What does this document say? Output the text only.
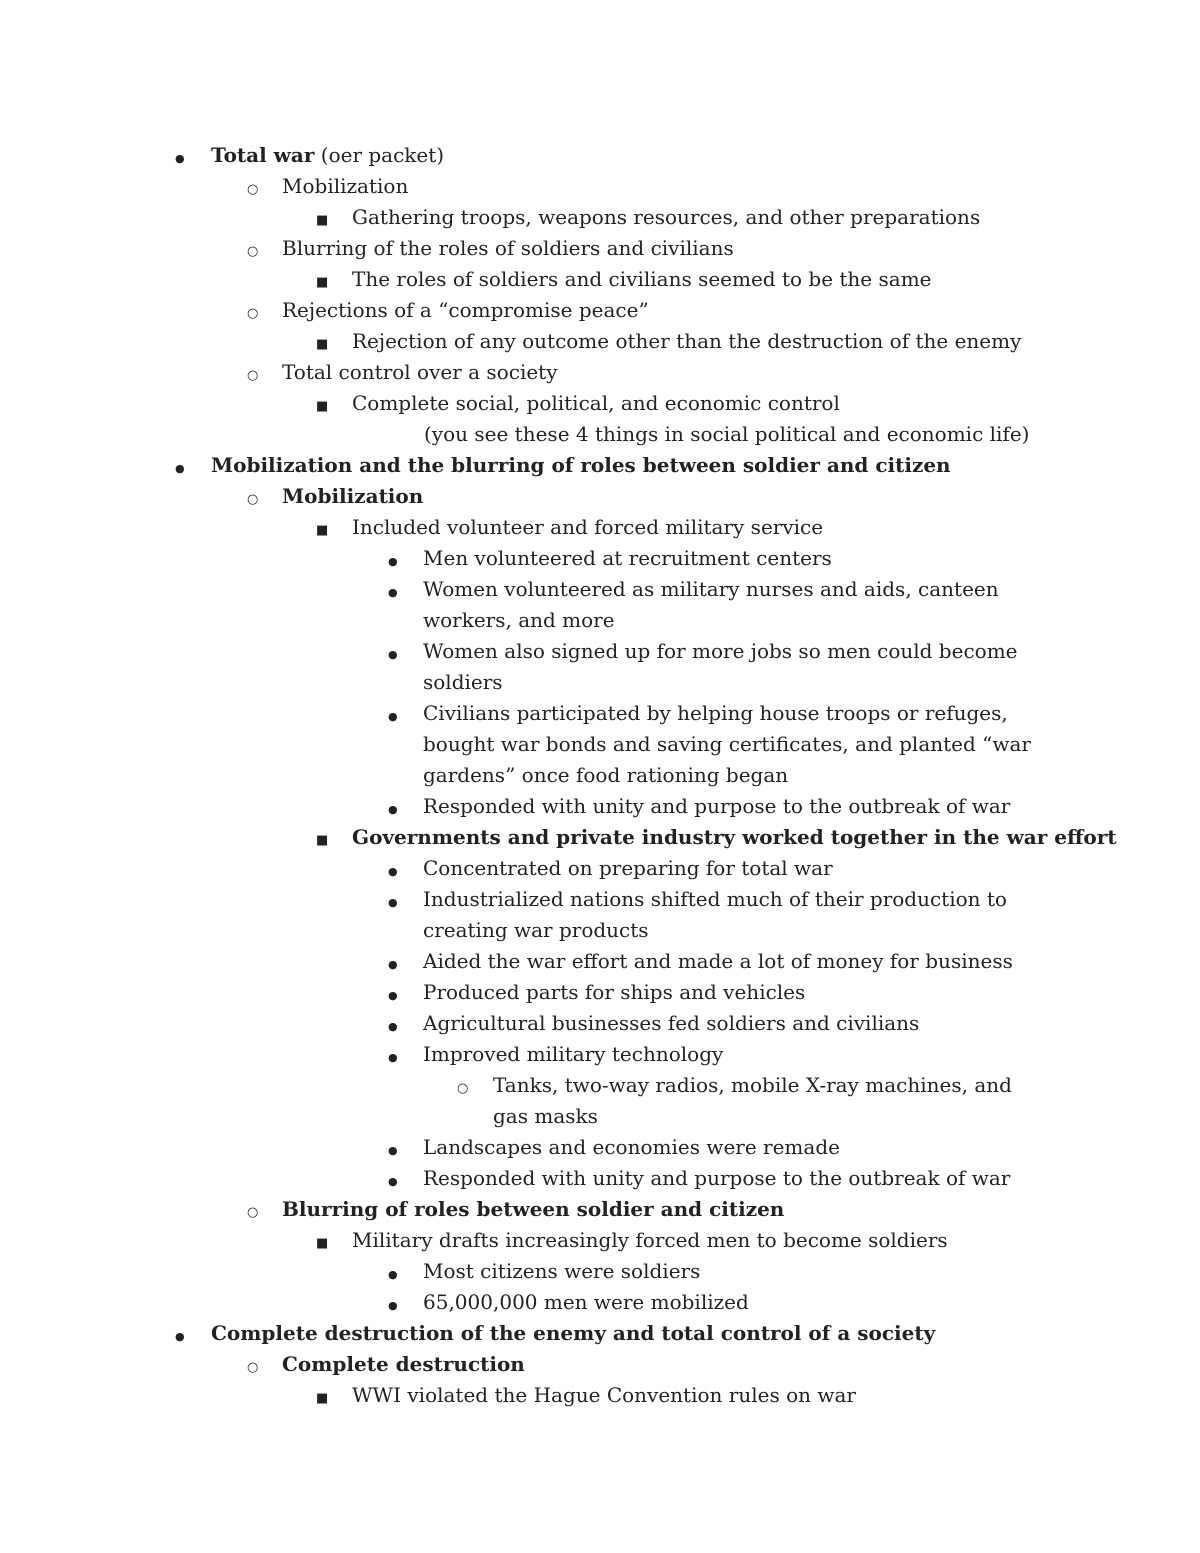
●
Total war (oer packet)
○
Mobilization
■
Gathering troops, weapons resources, and other preparations
○
Blurring of the roles of soldiers and civilians
■
The roles of soldiers and civilians seemed to be the same
○
Rejections of a “compromise peace”
■
Rejection of any outcome other than the destruction of the enemy
○
Total control over a society
■
Complete social, political, and economic control
(you see these 4 things in social political and economic life)
●
Mobilization and the blurring of roles between soldier and citizen
○
Mobilization
■
Included volunteer and forced military service
●
Men volunteered at recruitment centers
●
Women volunteered as military nurses and aids, canteen workers, and more
●
Women also signed up for more jobs so men could become soldiers
●
Civilians participated by helping house troops or refuges, bought war bonds and saving certificates, and planted “war gardens” once food rationing began
●
Responded with unity and purpose to the outbreak of war
■
Governments and private industry worked together in the war effort
●
Concentrated on preparing for total war
●
Industrialized nations shifted much of their production to creating war products
●
Aided the war effort and made a lot of money for business
●
Produced parts for ships and vehicles
●
Agricultural businesses fed soldiers and civilians
●
Improved military technology
○
Tanks, two-way radios, mobile X-ray machines, and gas masks
●
Landscapes and economies were remade
●
Responded with unity and purpose to the outbreak of war
○
Blurring of roles between soldier and citizen
■
Military drafts increasingly forced men to become soldiers
●
Most citizens were soldiers
●
65,000,000 men were mobilized
●
Complete destruction of the enemy and total control of a society
○
Complete destruction
■
WWI violated the Hague Convention rules on war
